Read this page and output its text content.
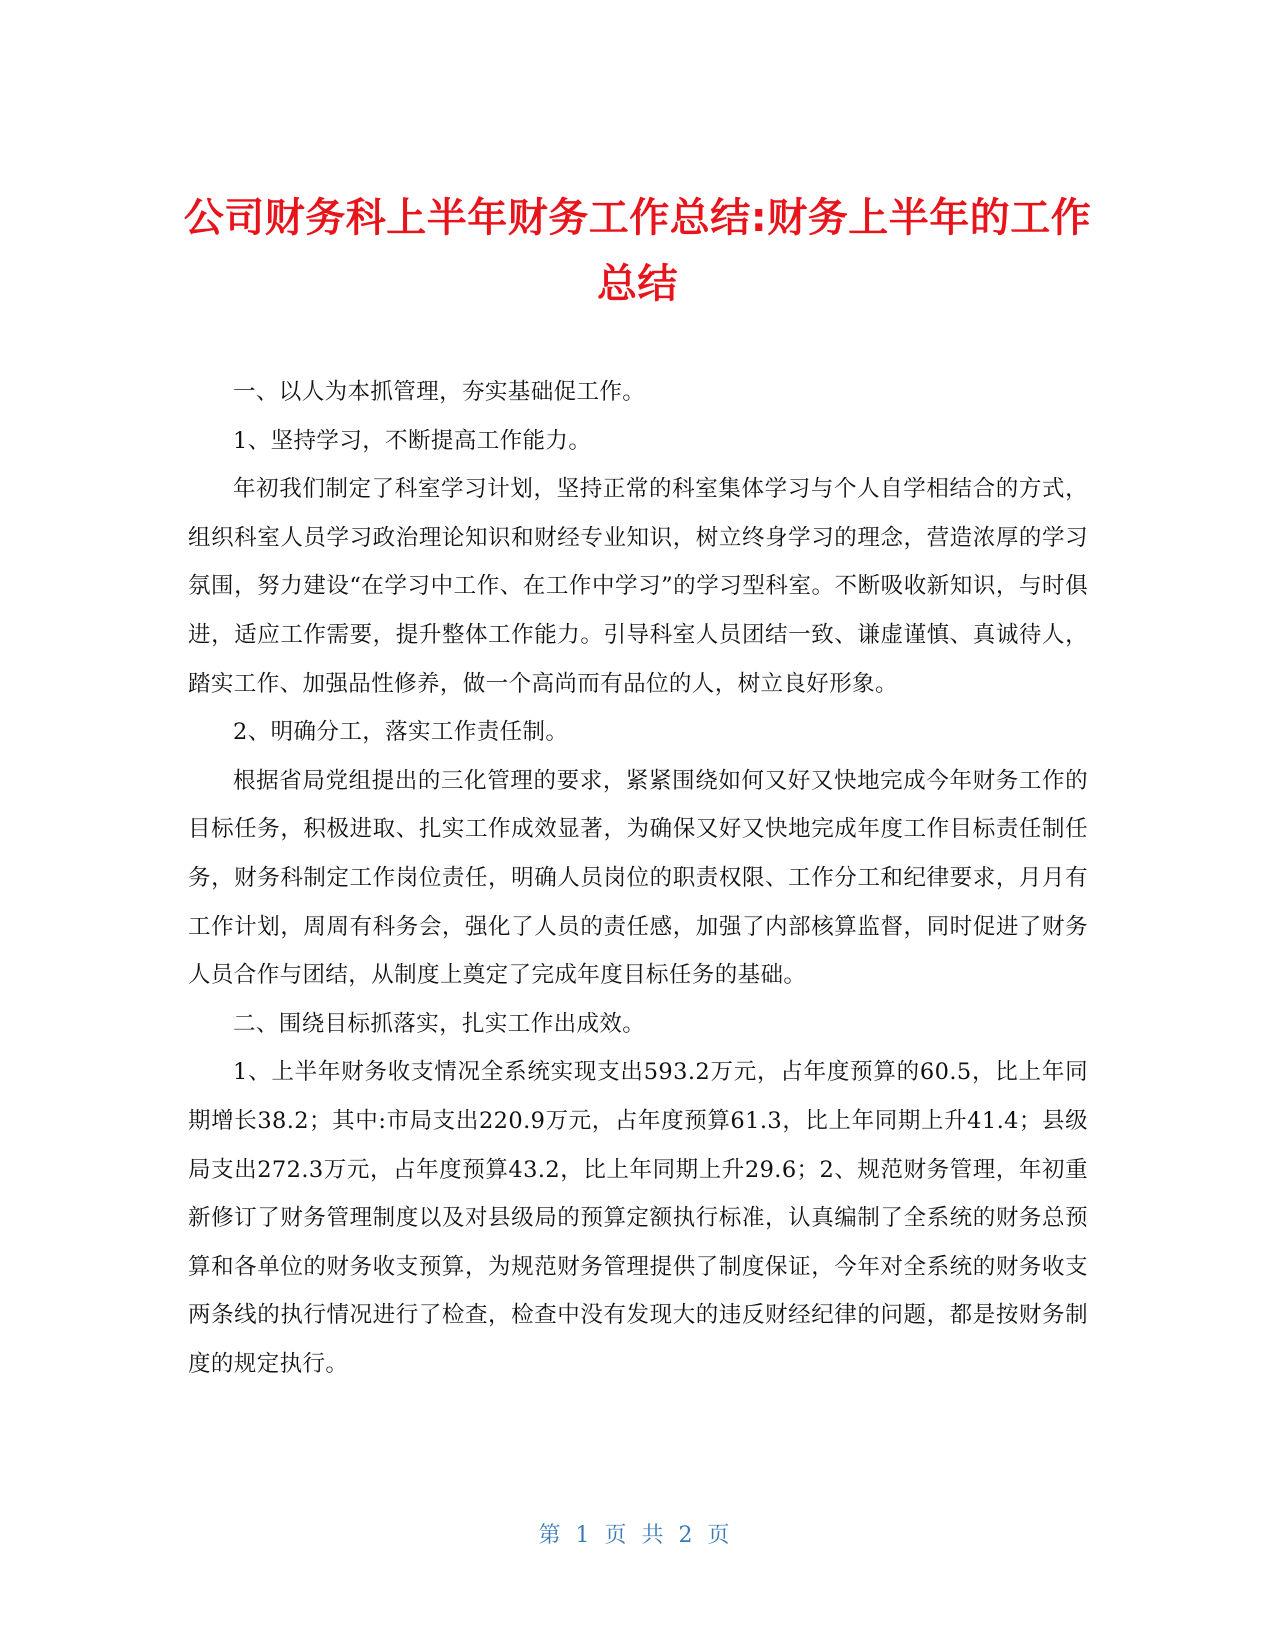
公司财务科上半年财务工作总结:财务上半年的工作总结

一、以人为本抓管理，夯实基础促工作。

1、坚持学习，不断提高工作能力。

年初我们制定了科室学习计划，坚持正常的科室集体学习与个人自学相结合的方式，组织科室人员学习政治理论知识和财经专业知识，树立终身学习的理念，营造浓厚的学习氛围，努力建设“在学习中工作、在工作中学习”的学习型科室。不断吸收新知识，与时俱进，适应工作需要，提升整体工作能力。引导科室人员团结一致、谦虚谨慎、真诚待人，踏实工作、加强品性修养，做一个高尚而有品位的人，树立良好形象。

2、明确分工，落实工作责任制。

根据省局党组提出的三化管理的要求，紧紧围绕如何又好又快地完成今年财务工作的目标任务，积极进取、扎实工作成效显著，为确保又好又快地完成年度工作目标责任制任务，财务科制定工作岗位责任，明确人员岗位的职责权限、工作分工和纪律要求，月月有工作计划，周周有科务会，强化了人员的责任感，加强了内部核算监督，同时促进了财务人员合作与团结，从制度上奠定了完成年度目标任务的基础。

二、围绕目标抓落实，扎实工作出成效。

1、上半年财务收支情况全系统实现支出593.2万元，占年度预算的60.5，比上年同期增长38.2；其中:市局支出220.9万元，占年度预算61.3，比上年同期上升41.4；县级局支出272.3万元，占年度预算43.2，比上年同期上升29.6；2、规范财务管理，年初重新修订了财务管理制度以及对县级局的预算定额执行标准，认真编制了全系统的财务总预算和各单位的财务收支预算，为规范财务管理提供了制度保证，今年对全系统的财务收支两条线的执行情况进行了检查，检查中没有发现大的违反财经纪律的问题，都是按财务制度的规定执行。

第 1 页 共 2 页
